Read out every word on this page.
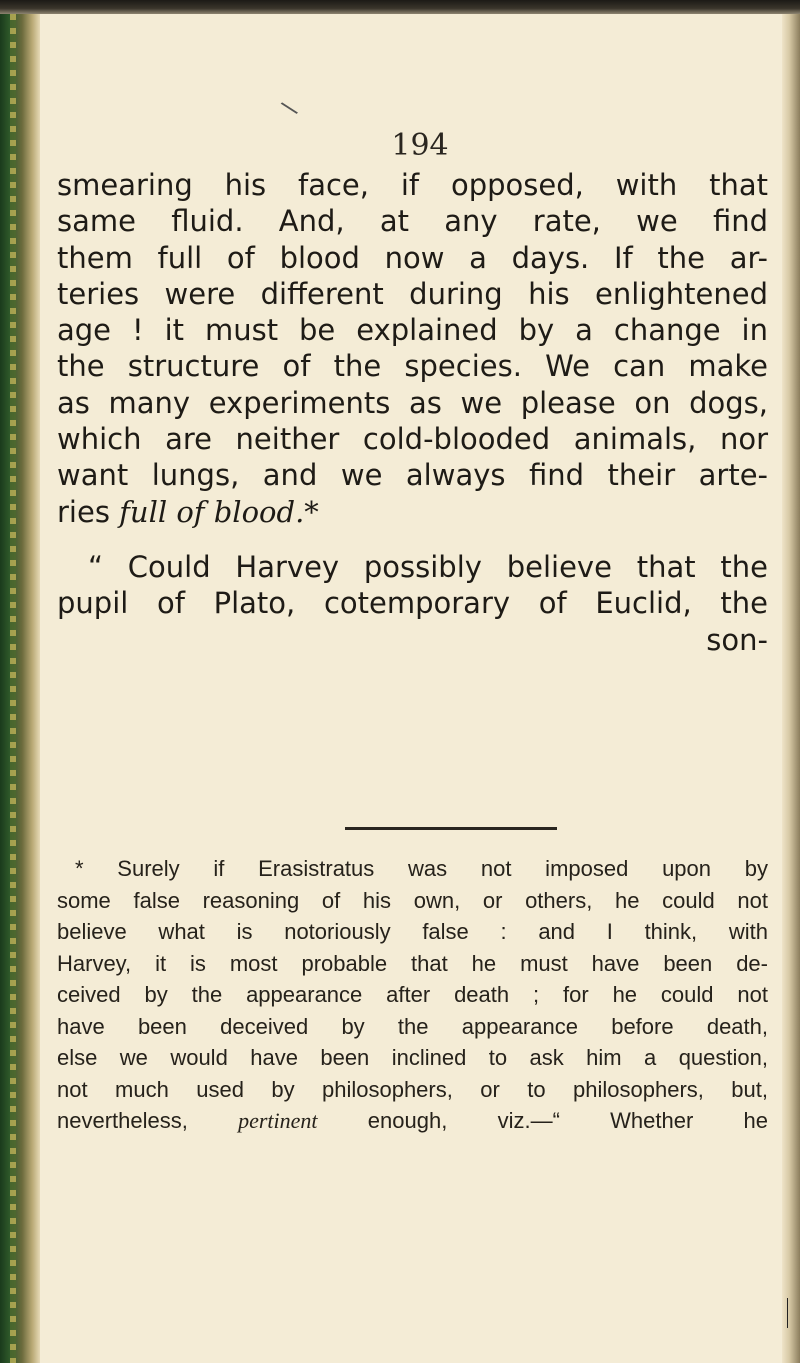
\
194
smearing his face, if opposed, with that
same fluid. And, at any rate, we find
them full of blood now a days. If the ar-
teries were different during his enlightened
age ! it must be explained by a change in
the structure of the species. We can make
as many experiments as we please on dogs,
which are neither cold-blooded animals, nor
want lungs, and we always find their arte-
ries full of blood.*
“ Could Harvey possibly believe that the
pupil of Plato, cotemporary of Euclid, the
son-
* Surely if Erasistratus was not imposed upon by
some false reasoning of his own, or others, he could not
believe what is notoriously false : and I think, with
Harvey, it is most probable that he must have been de-
ceived by the appearance after death ; for he could not
have been deceived by the appearance before death,
else we would have been inclined to ask him a question,
not much used by philosophers, or to philosophers, but,
nevertheless, pertinent enough, viz.—“ Whether he
